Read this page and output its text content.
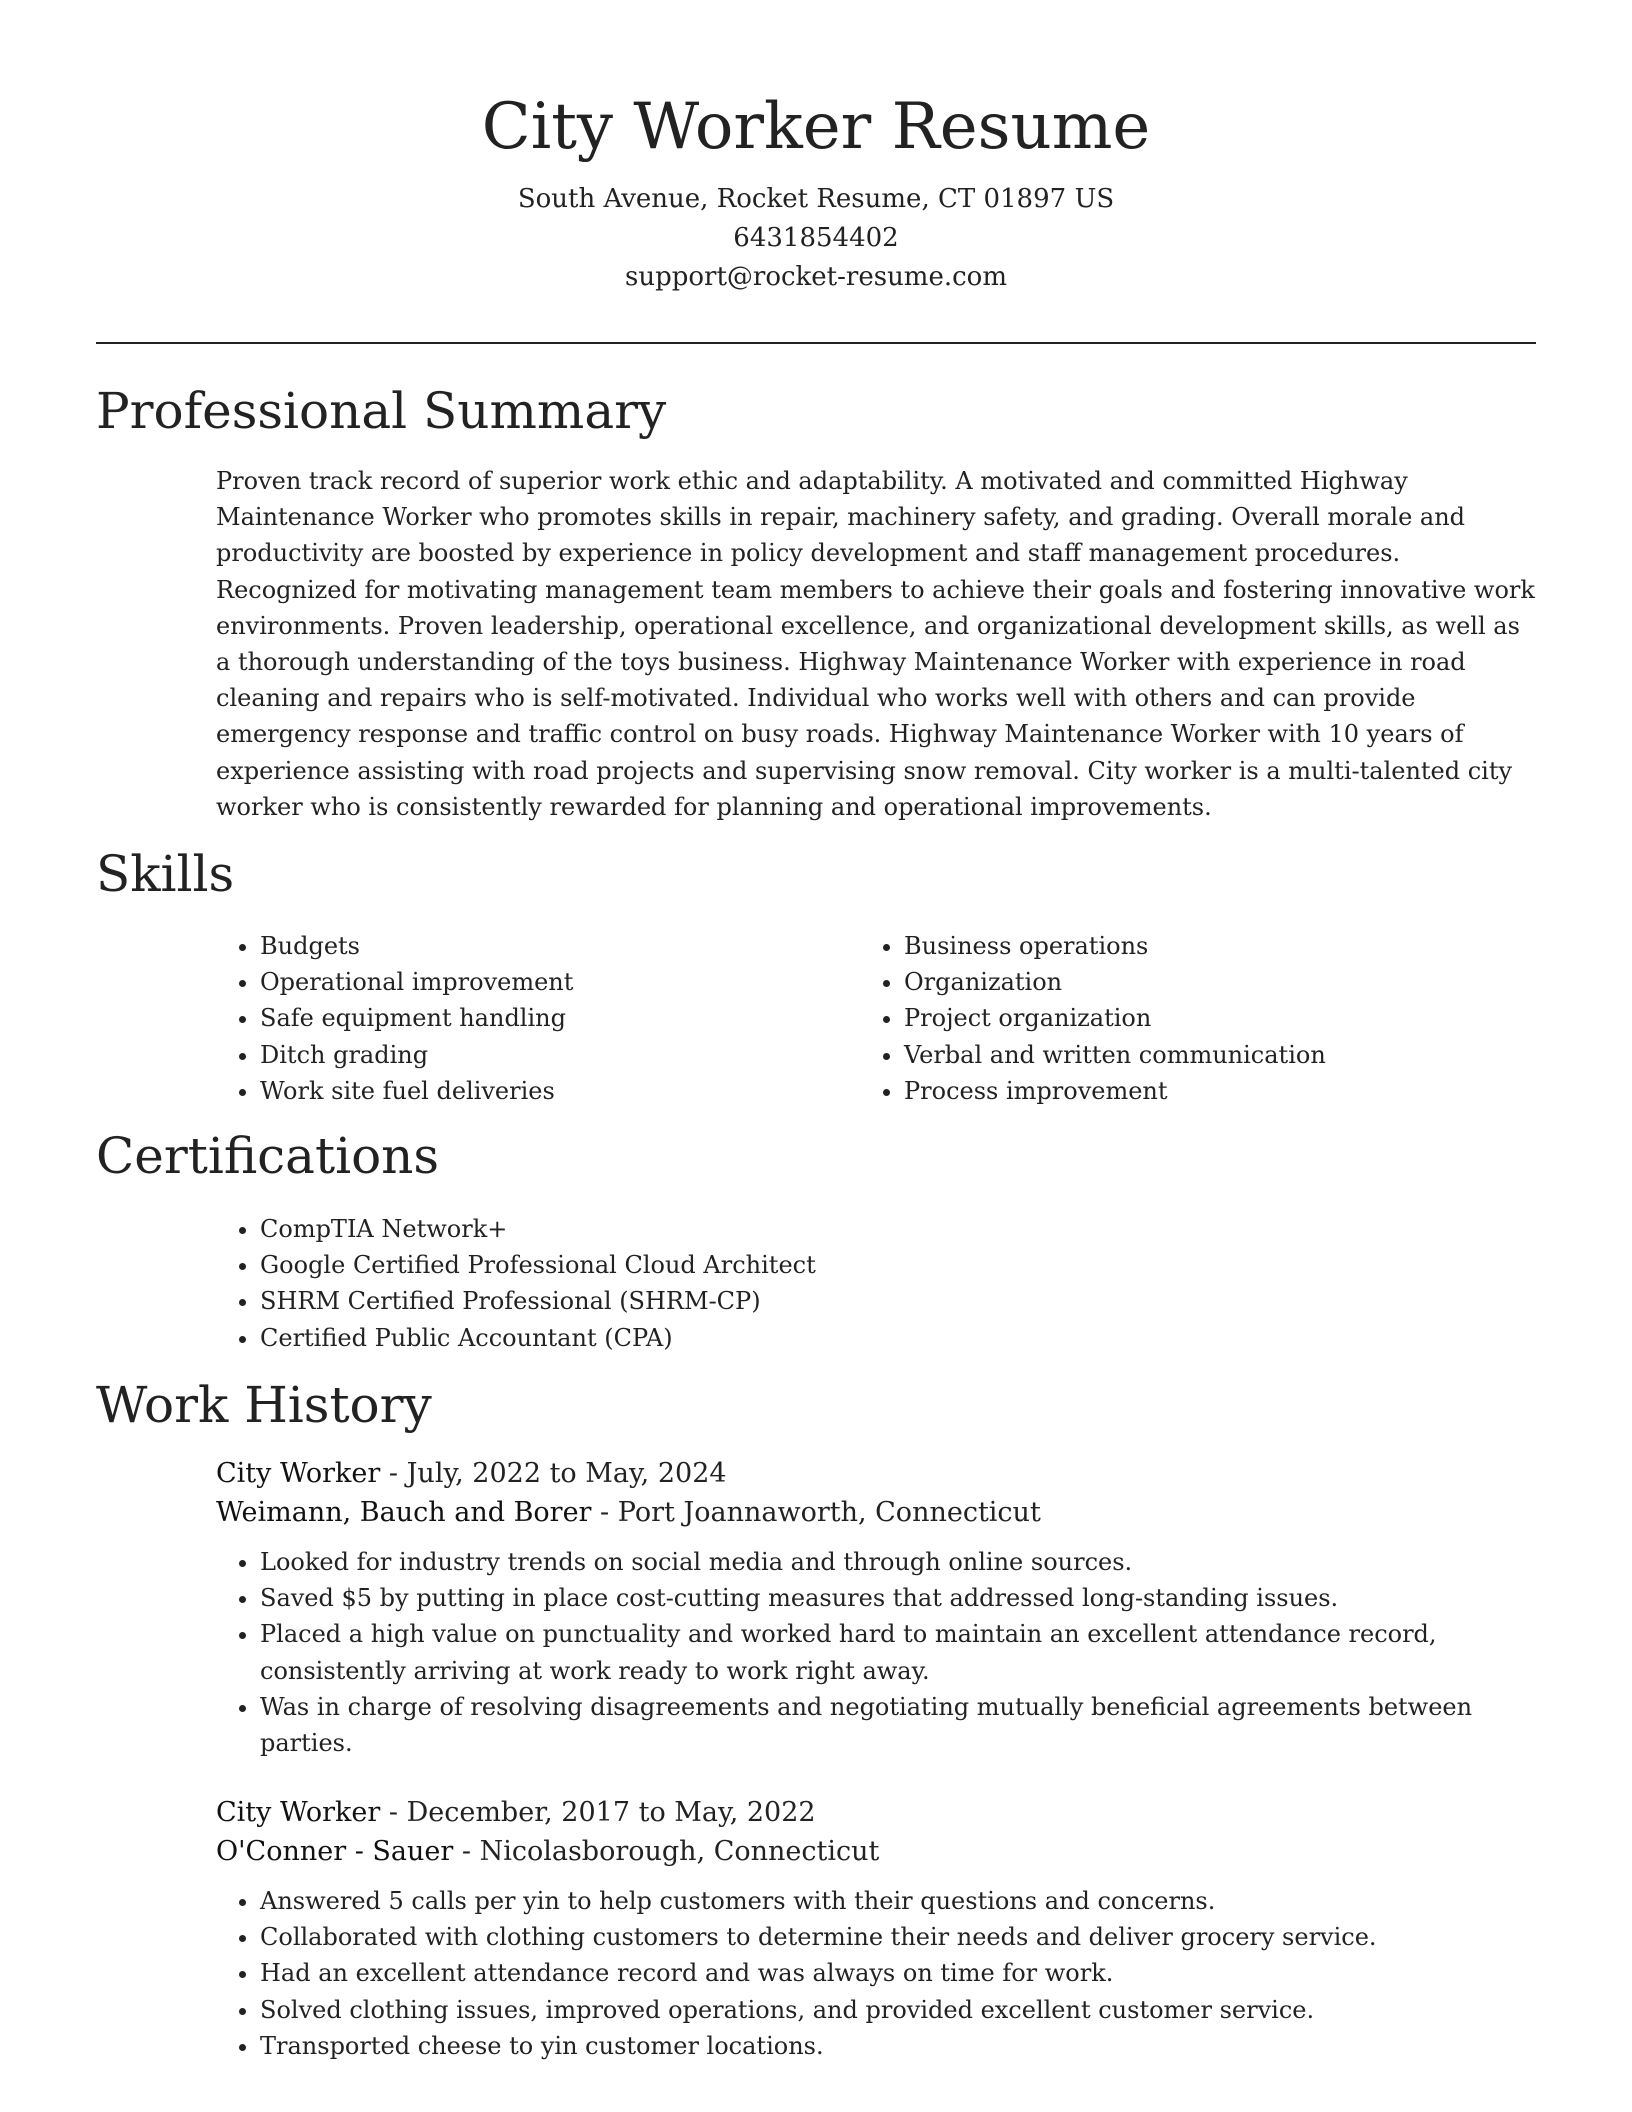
City Worker Resume
South Avenue, Rocket Resume, CT 01897 US
6431854402
support@rocket-resume.com
Professional Summary

Proven track record of superior work ethic and adaptability. A motivated and committed Highway Maintenance Worker who promotes skills in repair, machinery safety, and grading. Overall morale and productivity are boosted by experience in policy development and staff management procedures. Recognized for motivating management team members to achieve their goals and fostering innovative work environments. Proven leadership, operational excellence, and organizational development skills, as well as a thorough understanding of the toys business. Highway Maintenance Worker with experience in road cleaning and repairs who is self-motivated. Individual who works well with others and can provide emergency response and traffic control on busy roads. Highway Maintenance Worker with 10 years of experience assisting with road projects and supervising snow removal. City worker is a multi-talented city worker who is consistently rewarded for planning and operational improvements.

Skills
• Budgets
• Operational improvement
• Safe equipment handling
• Ditch grading
• Work site fuel deliveries
• Business operations
• Organization
• Project organization
• Verbal and written communication
• Process improvement
Certifications
• CompTIA Network+
• Google Certified Professional Cloud Architect
• SHRM Certified Professional (SHRM-CP)
• Certified Public Accountant (CPA)
Work History
City Worker - July, 2022 to May, 2024
Weimann, Bauch and Borer - Port Joannaworth, Connecticut
• Looked for industry trends on social media and through online sources.
• Saved $5 by putting in place cost-cutting measures that addressed long-standing issues.
• Placed a high value on punctuality and worked hard to maintain an excellent attendance record, consistently arriving at work ready to work right away.
• Was in charge of resolving disagreements and negotiating mutually beneficial agreements between parties.
City Worker - December, 2017 to May, 2022
O'Conner - Sauer - Nicolasborough, Connecticut
• Answered 5 calls per yin to help customers with their questions and concerns.
• Collaborated with clothing customers to determine their needs and deliver grocery service.
• Had an excellent attendance record and was always on time for work.
• Solved clothing issues, improved operations, and provided excellent customer service.
• Transported cheese to yin customer locations.
